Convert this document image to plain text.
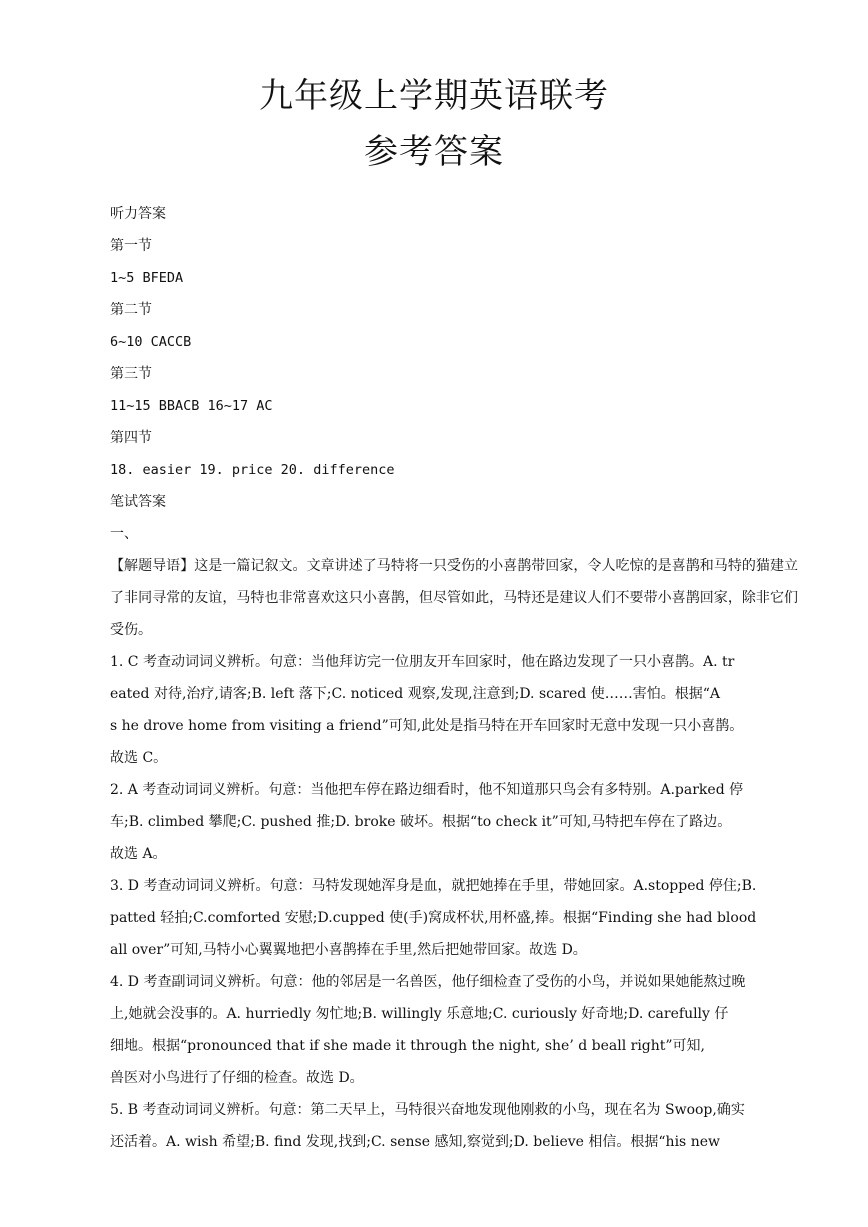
九年级上学期英语联考
参考答案
听力答案
第一节
1~5 BFEDA
第二节
6~10 CACCB
第三节
11~15 BBACB 16~17 AC
第四节
18. easier 19. price 20. difference
笔试答案
一、
【解题导语】这是一篇记叙文。文章讲述了马特将一只受伤的小喜鹊带回家，令人吃惊的是喜鹊和马特的猫建立了非同寻常的友谊，马特也非常喜欢这只小喜鹊，但尽管如此，马特还是建议人们不要带小喜鹊回家，除非它们受伤。
1. C 考查动词词义辨析。句意：当他拜访完一位朋友开车回家时，他在路边发现了一只小喜鹊。A. tr
eated 对待,治疗,请客;B. left 落下;C. noticed 观察,发现,注意到;D. scared 使……害怕。根据“A
s he drove home from visiting a friend”可知,此处是指马特在开车回家时无意中发现一只小喜鹊。
故选 C。
2. A 考查动词词义辨析。句意：当他把车停在路边细看时，他不知道那只鸟会有多特别。A.parked 停
车;B. climbed 攀爬;C. pushed 推;D. broke 破坏。根据“to check it”可知,马特把车停在了路边。
故选 A。
3. D 考查动词词义辨析。句意：马特发现她浑身是血，就把她捧在手里，带她回家。A.stopped 停住;B.
patted 轻拍;C.comforted 安慰;D.cupped 使(手)窝成杯状,用杯盛,捧。根据“Finding she had blood
all over”可知,马特小心翼翼地把小喜鹊捧在手里,然后把她带回家。故选 D。
4. D 考查副词词义辨析。句意：他的邻居是一名兽医，他仔细检查了受伤的小鸟，并说如果她能熬过晚
上,她就会没事的。A. hurriedly 匆忙地;B. willingly 乐意地;C. curiously 好奇地;D. carefully 仔
细地。根据“pronounced that if she made it through the night, she’ d beall right”可知,
兽医对小鸟进行了仔细的检查。故选 D。
5. B 考查动词词义辨析。句意：第二天早上，马特很兴奋地发现他刚救的小鸟，现在名为 Swoop,确实
还活着。A. wish 希望;B. find 发现,找到;C. sense 感知,察觉到;D. believe 相信。根据“his new
